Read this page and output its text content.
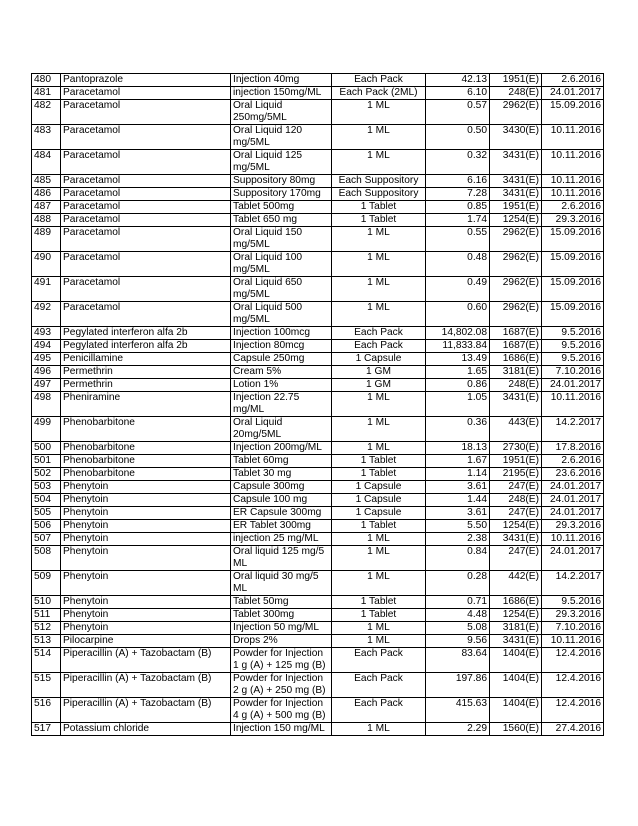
480	Pantoprazole	Injection 40mg	Each Pack	42.13	1951(E)	2.6.2016
481	Paracetamol	injection 150mg/ML	Each Pack (2ML)	6.10	248(E)	24.01.2017
482	Paracetamol	Oral Liquid 250mg/5ML	1 ML	0.57	2962(E)	15.09.2016
483	Paracetamol	Oral Liquid 120 mg/5ML	1 ML	0.50	3430(E)	10.11.2016
484	Paracetamol	Oral Liquid 125 mg/5ML	1 ML	0.32	3431(E)	10.11.2016
485	Paracetamol	Suppository 80mg	Each Suppository	6.16	3431(E)	10.11.2016
486	Paracetamol	Suppository 170mg	Each Suppository	7.28	3431(E)	10.11.2016
487	Paracetamol	Tablet 500mg	1 Tablet	0.85	1951(E)	2.6.2016
488	Paracetamol	Tablet 650 mg	1 Tablet	1.74	1254(E)	29.3.2016
489	Paracetamol	Oral Liquid 150 mg/5ML	1 ML	0.55	2962(E)	15.09.2016
490	Paracetamol	Oral Liquid 100 mg/5ML	1 ML	0.48	2962(E)	15.09.2016
491	Paracetamol	Oral Liquid 650 mg/5ML	1 ML	0.49	2962(E)	15.09.2016
492	Paracetamol	Oral Liquid 500 mg/5ML	1 ML	0.60	2962(E)	15.09.2016
493	Pegylated interferon alfa 2b	Injection 100mcg	Each Pack	14,802.08	1687(E)	9.5.2016
494	Pegylated interferon alfa 2b	Injection 80mcg	Each Pack	11,833.84	1687(E)	9.5.2016
495	Penicillamine	Capsule 250mg	1 Capsule	13.49	1686(E)	9.5.2016
496	Permethrin	Cream 5%	1 GM	1.65	3181(E)	7.10.2016
497	Permethrin	Lotion 1%	1 GM	0.86	248(E)	24.01.2017
498	Pheniramine	Injection 22.75 mg/ML	1 ML	1.05	3431(E)	10.11.2016
499	Phenobarbitone	Oral Liquid 20mg/5ML	1 ML	0.36	443(E)	14.2.2017
500	Phenobarbitone	Injection 200mg/ML	1 ML	18.13	2730(E)	17.8.2016
501	Phenobarbitone	Tablet 60mg	1 Tablet	1.67	1951(E)	2.6.2016
502	Phenobarbitone	Tablet 30 mg	1 Tablet	1.14	2195(E)	23.6.2016
503	Phenytoin	Capsule 300mg	1 Capsule	3.61	247(E)	24.01.2017
504	Phenytoin	Capsule 100 mg	1 Capsule	1.44	248(E)	24.01.2017
505	Phenytoin	ER Capsule 300mg	1 Capsule	3.61	247(E)	24.01.2017
506	Phenytoin	ER Tablet 300mg	1 Tablet	5.50	1254(E)	29.3.2016
507	Phenytoin	injection 25 mg/ML	1 ML	2.38	3431(E)	10.11.2016
508	Phenytoin	Oral liquid 125 mg/5 ML	1 ML	0.84	247(E)	24.01.2017
509	Phenytoin	Oral liquid 30 mg/5 ML	1 ML	0.28	442(E)	14.2.2017
510	Phenytoin	Tablet 50mg	1 Tablet	0.71	1686(E)	9.5.2016
511	Phenytoin	Tablet 300mg	1 Tablet	4.48	1254(E)	29.3.2016
512	Phenytoin	Injection 50 mg/ML	1 ML	5.08	3181(E)	7.10.2016
513	Pilocarpine	Drops 2%	1 ML	9.56	3431(E)	10.11.2016
514	Piperacillin (A) + Tazobactam (B)	Powder for Injection 1 g (A) + 125 mg (B)	Each Pack	83.64	1404(E)	12.4.2016
515	Piperacillin (A) + Tazobactam (B)	Powder for Injection 2 g (A) + 250 mg (B)	Each Pack	197.86	1404(E)	12.4.2016
516	Piperacillin (A) + Tazobactam (B)	Powder for Injection 4 g (A) + 500 mg (B)	Each Pack	415.63	1404(E)	12.4.2016
517	Potassium chloride	Injection 150 mg/ML	1 ML	2.29	1560(E)	27.4.2016
